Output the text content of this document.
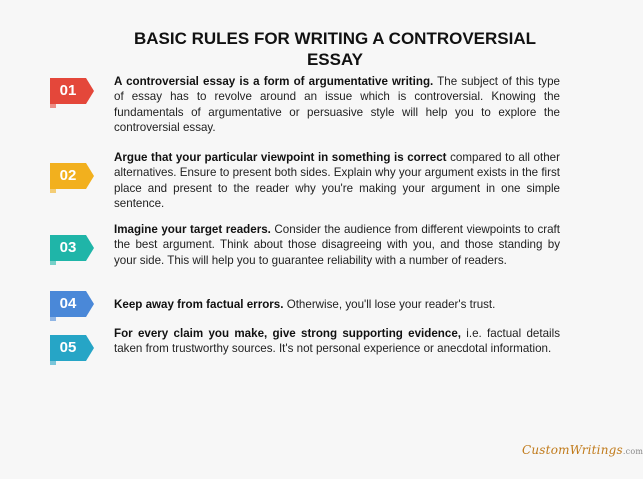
BASIC RULES FOR WRITING A CONTROVERSIAL
ESSAY
01
A controversial essay is a form of argumentative writing. The subject of this type of essay has to revolve around an issue which is controversial. Knowing the fundamentals of argumentative or persuasive style will help you to explore the controversial essay.
02
Argue that your particular viewpoint in something is correct compared to all other alternatives. Ensure to present both sides. Explain why your argument exists in the first place and present to the reader why you're making your argument in one simple sentence.
03
Imagine your target readers. Consider the audience from different viewpoints to craft the best argument. Think about those disagreeing with you, and those standing by your side. This will help you to guarantee reliability with a number of readers.
04	Keep away from factual errors. Otherwise, you'll lose your reader's trust.
05
For every claim you make, give strong supporting evidence, i.e. factual details taken from trustworthy sources. It's not personal experience or anecdotal information.
CustomWritings.com
